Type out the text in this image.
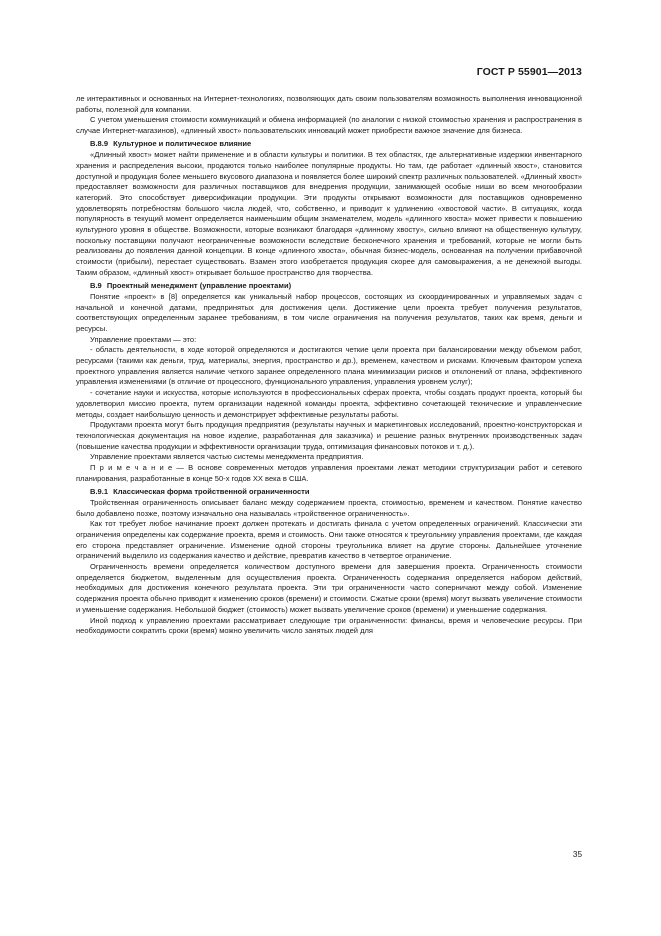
ГОСТ Р 55901—2013

ле интерактивных и основанных на Интернет-технологиях, позволяющих дать своим пользователям возможность выполнения инновационной работы, полезной для компании.

С учетом уменьшения стоимости коммуникаций и обмена информацией (по аналогии с низкой стоимостью хранения и распространения в случае Интернет-магазинов), «длинный хвост» пользовательских инноваций может приобрести важное значение для бизнеса.

В.8.9 Культурное и политическое влияние

«Длинный хвост» может найти применение и в области культуры и политики. В тех областях, где альтернативные издержки инвентарного хранения и распределения высоки, продаются только наиболее популярные продукты. Но там, где работает «длинный хвост», становится доступной и продукция более меньшего вкусового диапазона и появляется более широкий спектр различных пользователей. «Длинный хвост» предоставляет возможности для различных поставщиков для внедрения продукции, занимающей особые ниши во всем многообразии категорий. Это способствует диверсификации продукции. Эти продукты открывают возможности для поставщиков одновременно удовлетворять потребностям большого числа людей, что, собственно, и приводит к удлинению «хвостовой части». В ситуациях, когда популярность в текущий момент определяется наименьшим общим знаменателем, модель «длинного хвоста» может привести к повышению культурного уровня в обществе. Возможности, которые возникают благодаря «длинному хвосту», сильно влияют на общественную культуру, поскольку поставщики получают неограниченные возможности вследствие бесконечного хранения и требований, которые не могли быть реализованы до появления данной концепции. В конце «длинного хвоста», обычная бизнес-модель, основанная на получении прибавочной стоимости (прибыли), перестает существовать. Взамен этого изобретается продукция скорее для самовыражения, а не денежной выгоды. Таким образом, «длинный хвост» открывает большое пространство для творчества.

В.9 Проектный менеджмент (управление проектами)

Понятие «проект» в [8] определяется как уникальный набор процессов, состоящих из скоординированных и управляемых задач с начальной и конечной датами, предпринятых для достижения цели. Достижение цели проекта требует получения результатов, соответствующих определенным заранее требованиям, в том числе ограничения на получения результатов, таких как время, деньги и ресурсы.

Управление проектами — это:

- область деятельности, в ходе которой определяются и достигаются четкие цели проекта при балансировании между объемом работ, ресурсами (такими как деньги, труд, материалы, энергия, пространство и др.), временем, качеством и рисками. Ключевым фактором успеха проектного управления является наличие четкого заранее определенного плана минимизации рисков и отклонений от плана, эффективного управления изменениями (в отличие от процессного, функционального управления, управления уровнем услуг);

- сочетание науки и искусства, которые используются в профессиональных сферах проекта, чтобы создать продукт проекта, который бы удовлетворил миссию проекта, путем организации надежной команды проекта, эффективно сочетающей технические и управленческие методы, создает наибольшую ценность и демонстрирует эффективные результаты работы.

Продуктами проекта могут быть продукция предприятия (результаты научных и маркетинговых исследований, проектно-конструкторская и технологическая документация на новое изделие, разработанная для заказчика) и решение разных внутренних производственных задач (повышение качества продукции и эффективности организации труда, оптимизация финансовых потоков и т. д.).

Управление проектами является частью системы менеджмента предприятия.

П р и м е ч а н и е — В основе современных методов управления проектами лежат методики структуризации работ и сетевого планирования, разработанные в конце 50-х годов XX века в США.

В.9.1 Классическая форма тройственной ограниченности

Тройственная ограниченность описывает баланс между содержанием проекта, стоимостью, временем и качеством. Понятие качество было добавлено позже, поэтому изначально она называлась «тройственное ограниченность».

Как тот требует любое начинание проект должен протекать и достигать финала с учетом определенных ограничений. Классически эти ограничения определены как содержание проекта, время и стоимость. Они также относятся к треугольнику управления проектами, где каждая его сторона представляет ограничение. Изменение одной стороны треугольника влияет на другие стороны. Дальнейшее уточнение ограничений выделило из содержания качество и действие, превратив качество в четвертое ограничение.

Ограниченность времени определяется количеством доступного времени для завершения проекта. Ограниченность стоимости определяется бюджетом, выделенным для осуществления проекта. Ограниченность содержания определяется набором действий, необходимых для достижения конечного результата проекта. Эти три ограниченности часто соперничают между собой. Изменение содержания проекта обычно приводит к изменению сроков (времени) и стоимости. Сжатые сроки (время) могут вызвать увеличение стоимости и уменьшение содержания. Небольшой бюджет (стоимость) может вызвать увеличение сроков (времени) и уменьшение содержания.

Иной подход к управлению проектами рассматривает следующие три ограниченности: финансы, время и человеческие ресурсы. При необходимости сократить сроки (время) можно увеличить число занятых людей для

35
